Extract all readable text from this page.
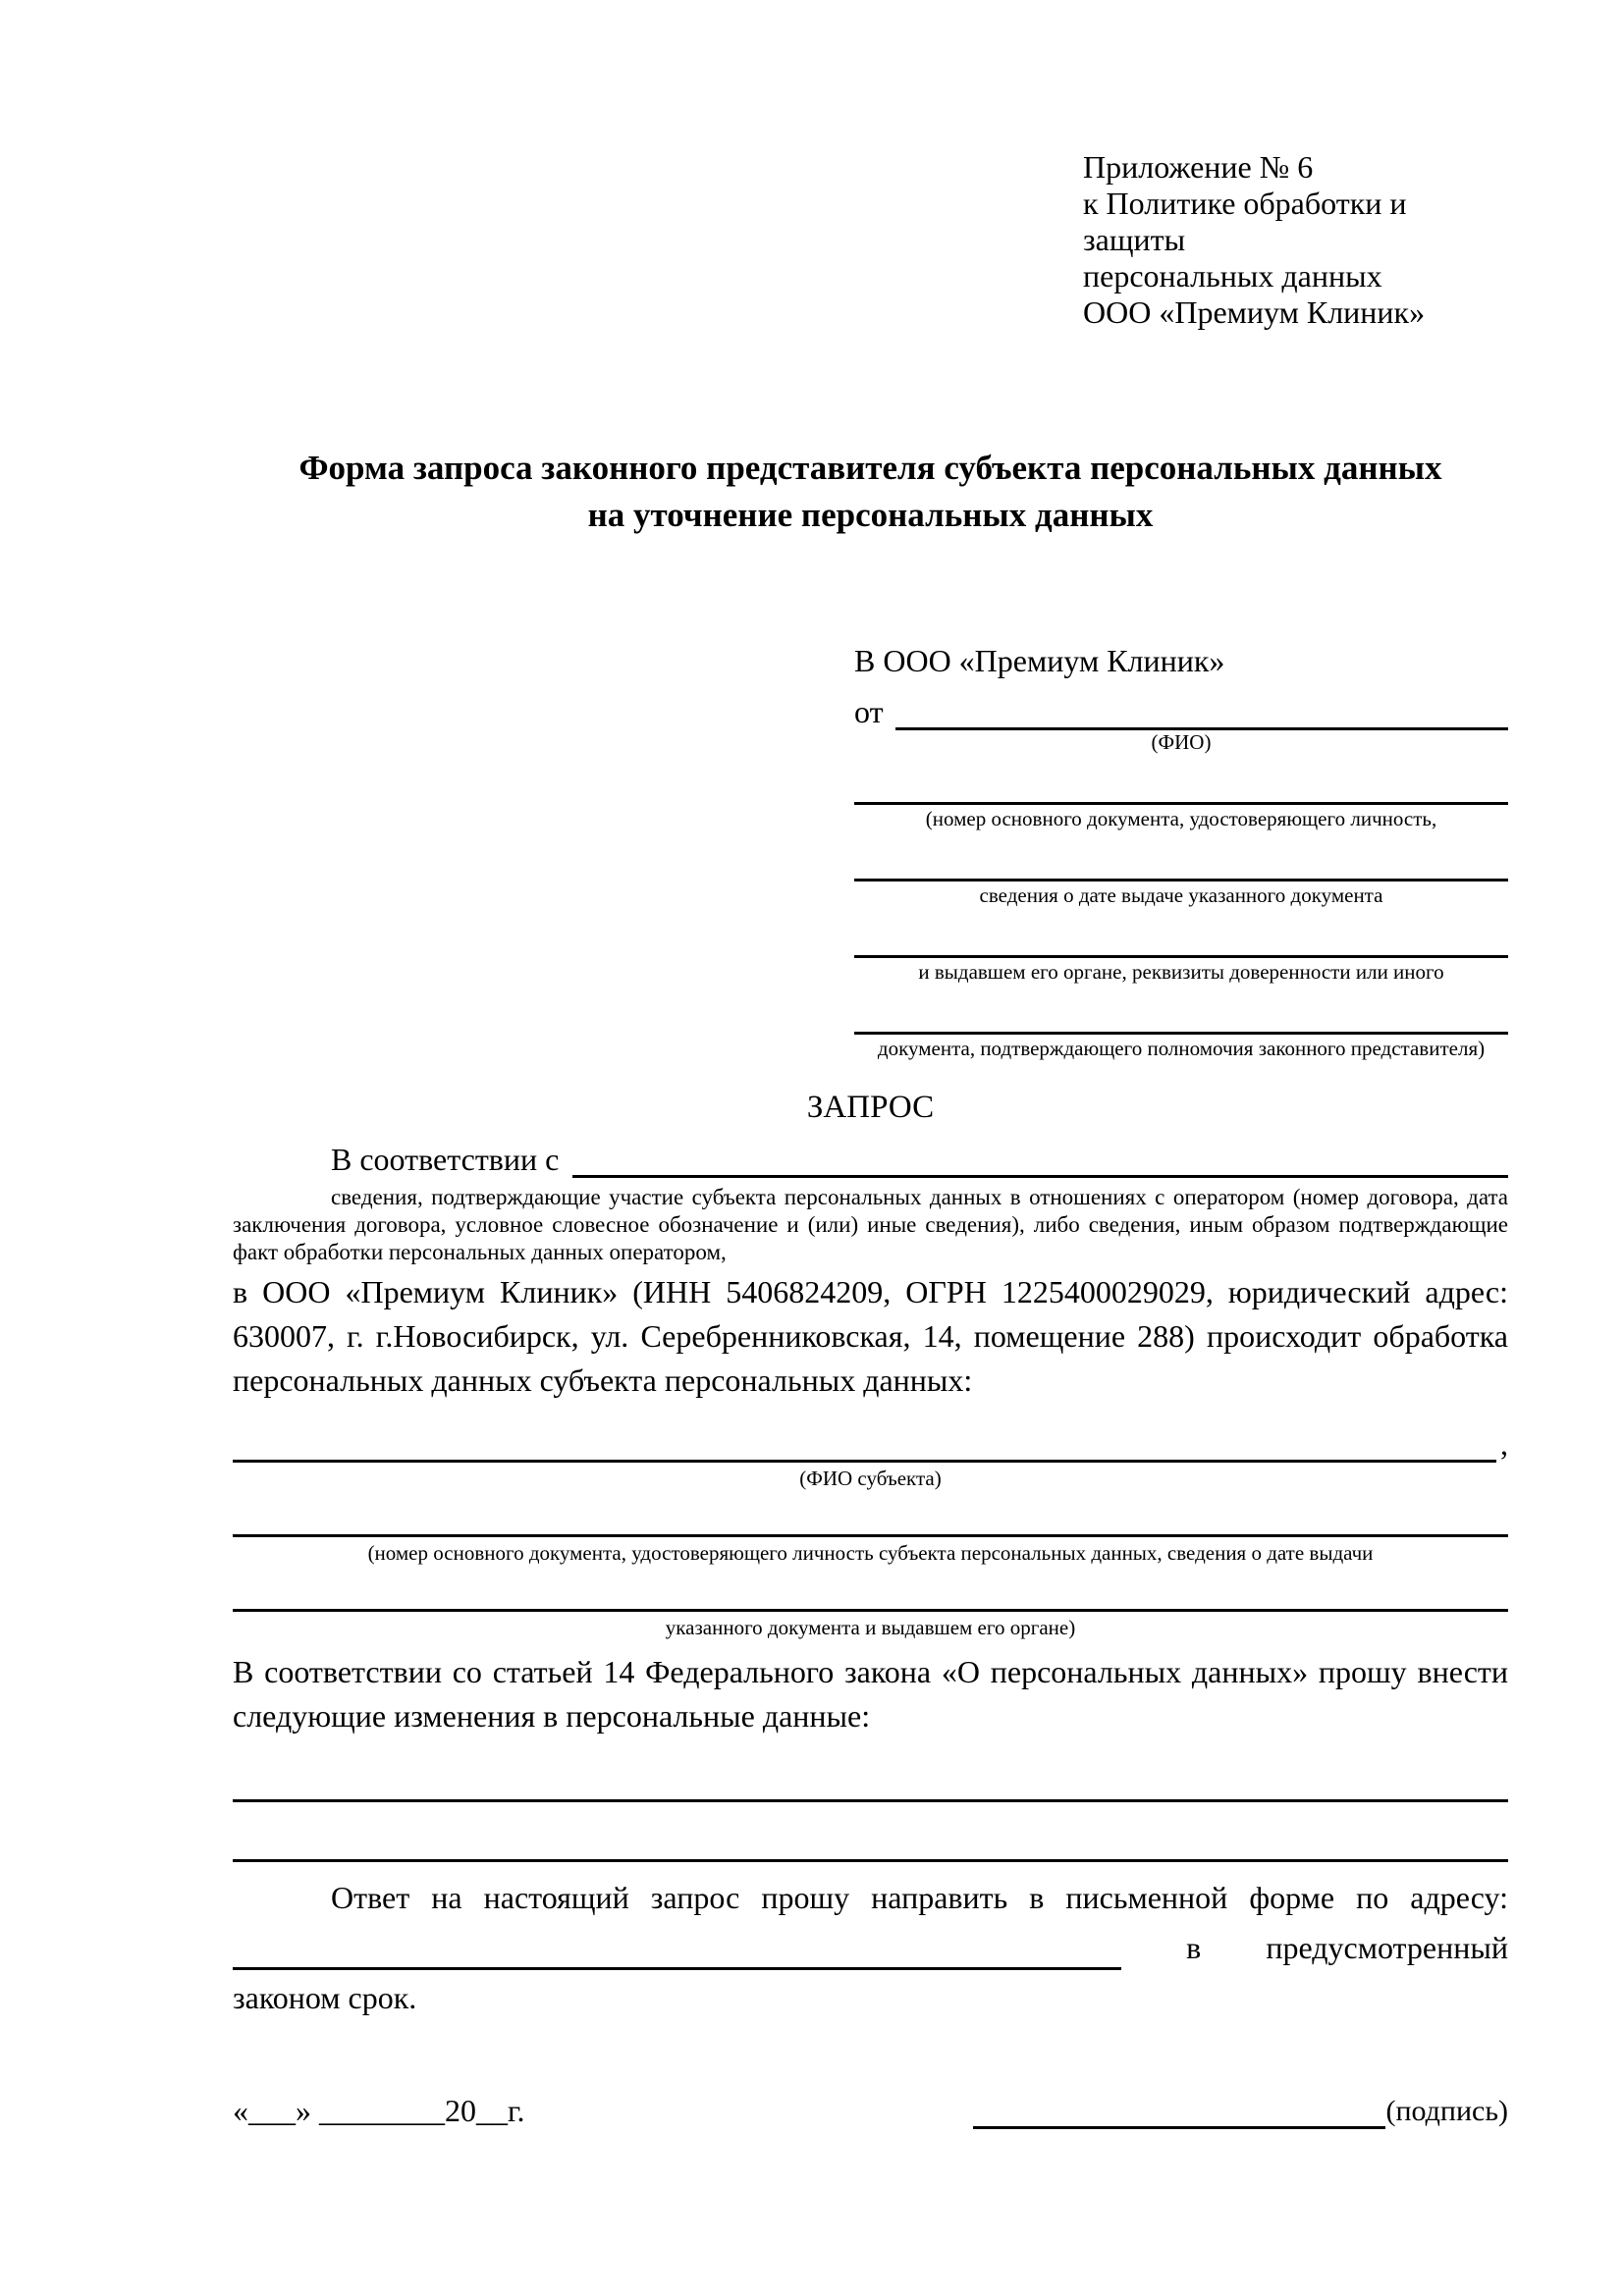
Приложение № 6
к Политике обработки и защиты
персональных данных
ООО «Премиум Клиник»
Форма запроса законного представителя субъекта персональных данных
на уточнение персональных данных
В ООО «Премиум Клиник»
от
(ФИО)
(номер основного документа, удостоверяющего личность,
сведения о дате выдаче указанного документа
и выдавшем его органе, реквизиты доверенности или иного
документа, подтверждающего полномочия законного представителя)
ЗАПРОС
В соответствии с
сведения, подтверждающие участие субъекта персональных данных в отношениях с оператором (номер договора, дата заключения договора, условное словесное обозначение и (или) иные сведения), либо сведения, иным образом подтверждающие факт обработки персональных данных оператором,

в ООО «Премиум Клиник» (ИНН 5406824209, ОГРН 1225400029029, юридический адрес: 630007, г. г.Новосибирск, ул. Серебренниковская, 14, помещение 288) происходит обработка персональных данных субъекта персональных данных:

,
(ФИО субъекта)
(номер основного документа, удостоверяющего личность субъекта персональных данных, сведения о дате выдачи
указанного документа и выдавшем его органе)

В соответствии со статьей 14 Федерального закона «О персональных данных» прошу внести следующие изменения в персональные данные:

Ответ на настоящий запрос прошу направить в письменной форме по адресу:
в предусмотренный
законом срок.
«___» ________20__г.	(подпись)
